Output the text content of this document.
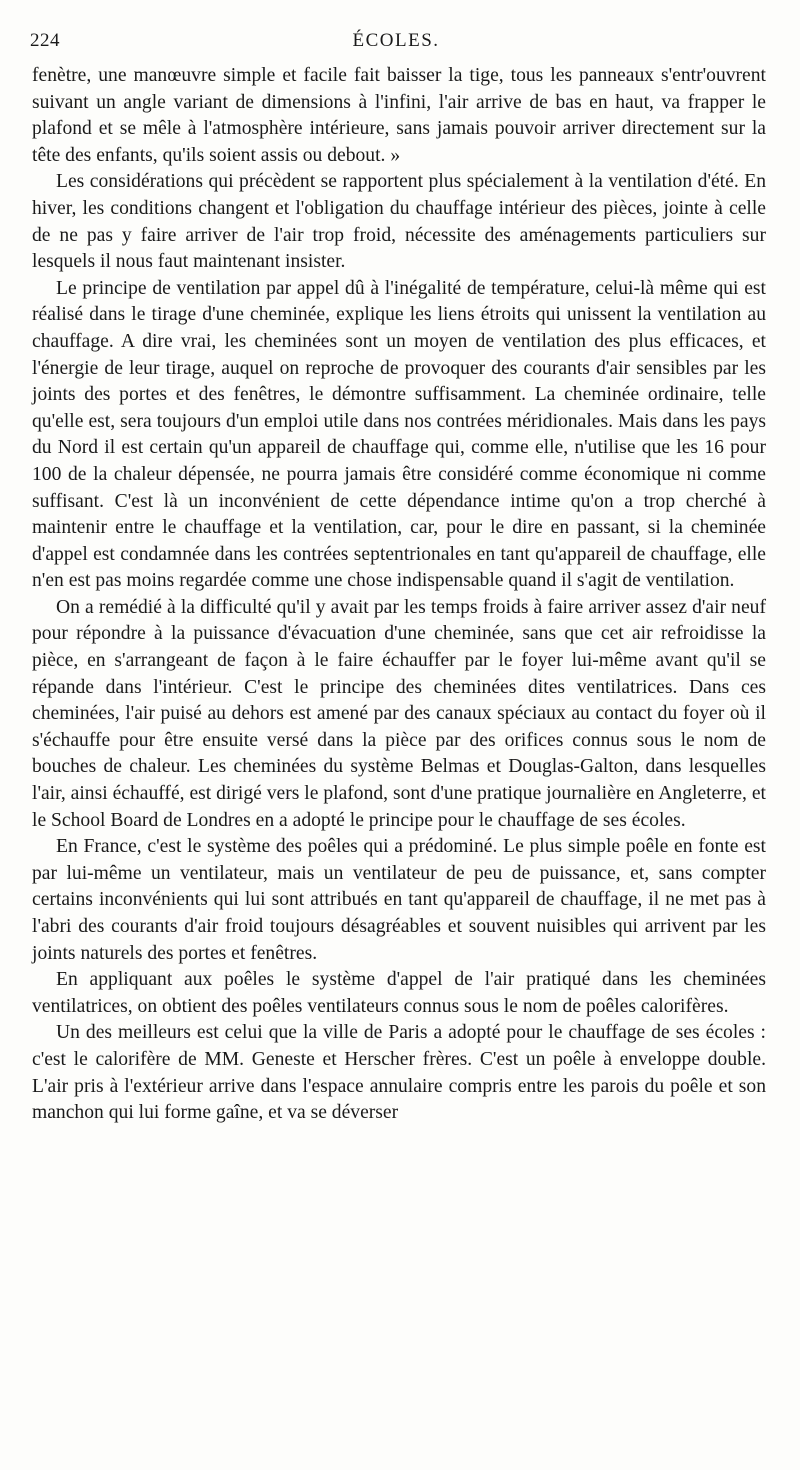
224	ÉCOLES.

fenètre, une manœuvre simple et facile fait baisser la tige, tous les panneaux s'entr'ouvrent suivant un angle variant de dimensions à l'infini, l'air arrive de bas en haut, va frapper le plafond et se mêle à l'atmosphère intérieure, sans jamais pouvoir arriver directement sur la tête des enfants, qu'ils soient assis ou debout. »

Les considérations qui précèdent se rapportent plus spécialement à la ventilation d'été. En hiver, les conditions changent et l'obligation du chauffage intérieur des pièces, jointe à celle de ne pas y faire arriver de l'air trop froid, nécessite des aménagements particuliers sur lesquels il nous faut maintenant insister.

Le principe de ventilation par appel dû à l'inégalité de température, celui-là même qui est réalisé dans le tirage d'une cheminée, explique les liens étroits qui unissent la ventilation au chauffage. A dire vrai, les cheminées sont un moyen de ventilation des plus efficaces, et l'énergie de leur tirage, auquel on reproche de provoquer des courants d'air sensibles par les joints des portes et des fenêtres, le démontre suffisamment. La cheminée ordinaire, telle qu'elle est, sera toujours d'un emploi utile dans nos contrées méridionales. Mais dans les pays du Nord il est certain qu'un appareil de chauffage qui, comme elle, n'utilise que les 16 pour 100 de la chaleur dépensée, ne pourra jamais être considéré comme économique ni comme suffisant. C'est là un inconvénient de cette dépendance intime qu'on a trop cherché à maintenir entre le chauffage et la ventilation, car, pour le dire en passant, si la cheminée d'appel est condamnée dans les contrées septentrionales en tant qu'appareil de chauffage, elle n'en est pas moins regardée comme une chose indispensable quand il s'agit de ventilation.

On a remédié à la difficulté qu'il y avait par les temps froids à faire arriver assez d'air neuf pour répondre à la puissance d'évacuation d'une cheminée, sans que cet air refroidisse la pièce, en s'arrangeant de façon à le faire échauffer par le foyer lui-même avant qu'il se répande dans l'intérieur. C'est le principe des cheminées dites ventilatrices. Dans ces cheminées, l'air puisé au dehors est amené par des canaux spéciaux au contact du foyer où il s'échauffe pour être ensuite versé dans la pièce par des orifices connus sous le nom de bouches de chaleur. Les cheminées du système Belmas et Douglas-Galton, dans lesquelles l'air, ainsi échauffé, est dirigé vers le plafond, sont d'une pratique journalière en Angleterre, et le School Board de Londres en a adopté le principe pour le chauffage de ses écoles.

En France, c'est le système des poêles qui a prédominé. Le plus simple poêle en fonte est par lui-même un ventilateur, mais un ventilateur de peu de puissance, et, sans compter certains inconvénients qui lui sont attribués en tant qu'appareil de chauffage, il ne met pas à l'abri des courants d'air froid toujours désagréables et souvent nuisibles qui arrivent par les joints naturels des portes et fenêtres.

En appliquant aux poêles le système d'appel de l'air pratiqué dans les cheminées ventilatrices, on obtient des poêles ventilateurs connus sous le nom de poêles calorifères.

Un des meilleurs est celui que la ville de Paris a adopté pour le chauffage de ses écoles : c'est le calorifère de MM. Geneste et Herscher frères. C'est un poêle à enveloppe double. L'air pris à l'extérieur arrive dans l'espace annulaire compris entre les parois du poêle et son manchon qui lui forme gaîne, et va se déverser
